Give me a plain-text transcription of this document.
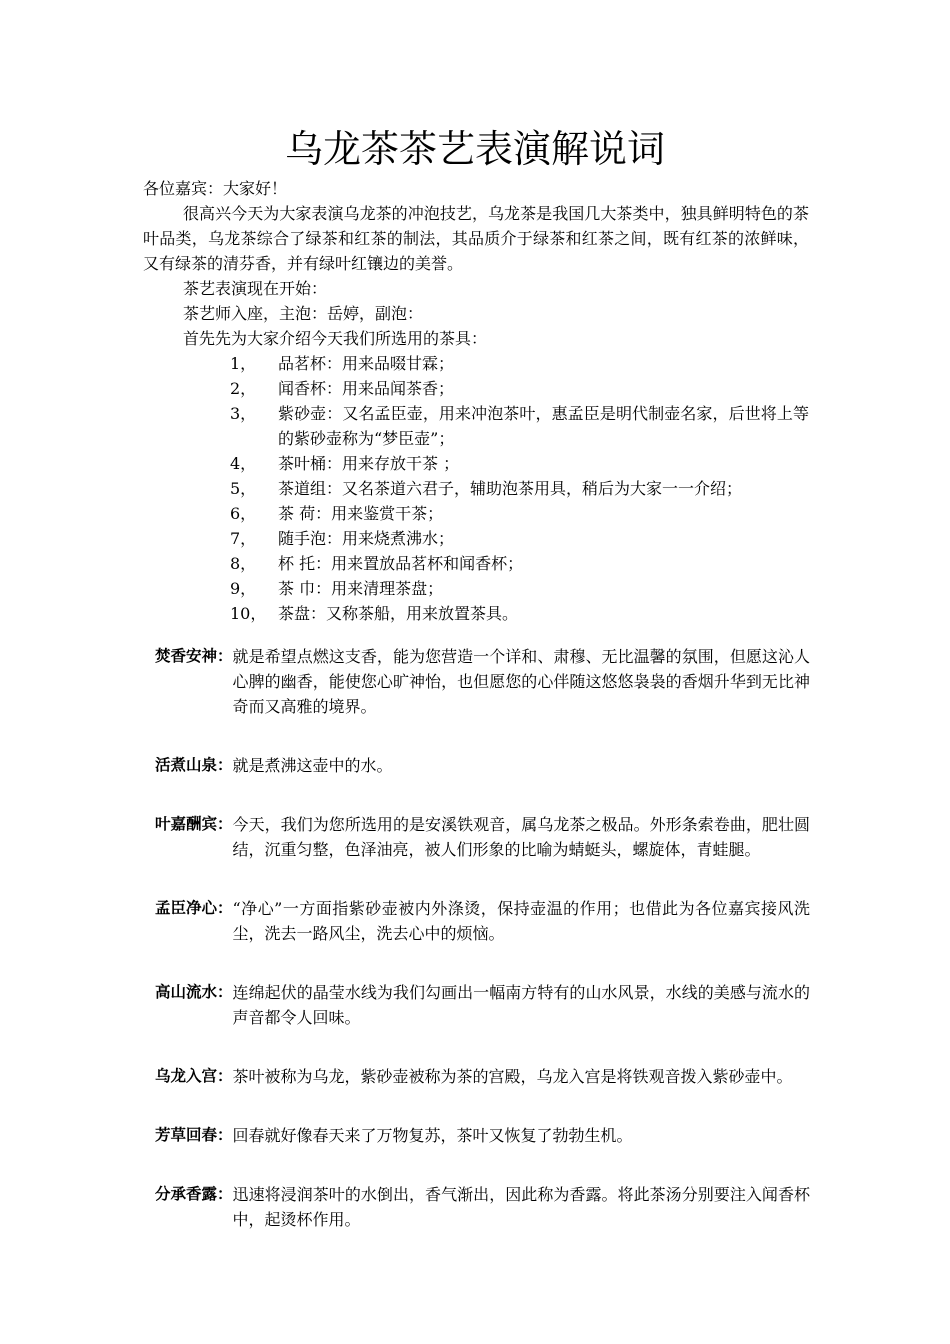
乌龙茶茶艺表演解说词

各位嘉宾：大家好！

很高兴今天为大家表演乌龙茶的冲泡技艺，乌龙茶是我国几大茶类中，独具鲜明特色的茶叶品类，乌龙茶综合了绿茶和红茶的制法，其品质介于绿茶和红茶之间，既有红茶的浓鲜味，又有绿茶的清芬香，并有绿叶红镶边的美誉。

茶艺表演现在开始：

茶艺师入座，主泡：岳婷，副泡：

首先先为大家介绍今天我们所选用的茶具：

1，	品茗杯：用来品啜甘霖；
2，	闻香杯：用来品闻茶香；
3，	紫砂壶：又名孟臣壶，用来冲泡茶叶，惠孟臣是明代制壶名家，后世将上等的紫砂壶称为“梦臣壶”；
4，	茶叶桶：用来存放干茶 ；
5，	茶道组：又名茶道六君子，辅助泡茶用具，稍后为大家一一介绍；
6，	茶 荷：用来鉴赏干茶；
7，	随手泡：用来烧煮沸水；
8，	杯 托：用来置放品茗杯和闻香杯；
9，	茶 巾：用来清理茶盘；
10， 茶盘：又称茶船，用来放置茶具。
焚香安神： 就是希望点燃这支香，能为您营造一个详和、肃穆、无比温馨的氛围，但愿这沁人心脾的幽香，能使您心旷神怡，也但愿您的心伴随这悠悠袅袅的香烟升华到无比神奇而又高雅的境界。
活煮山泉： 就是煮沸这壶中的水。
叶嘉酬宾： 今天，我们为您所选用的是安溪铁观音，属乌龙茶之极品。外形条索卷曲，肥壮圆结，沉重匀整，色泽油亮，被人们形象的比喻为蜻蜓头，螺旋体，青蛙腿。
孟臣净心： “净心”一方面指紫砂壶被内外涤烫，保持壶温的作用；也借此为各位嘉宾接风洗尘，洗去一路风尘，洗去心中的烦恼。
高山流水： 连绵起伏的晶莹水线为我们勾画出一幅南方特有的山水风景，水线的美感与流水的声音都令人回味。
乌龙入宫： 茶叶被称为乌龙，紫砂壶被称为茶的宫殿，乌龙入宫是将铁观音拨入紫砂壶中。
芳草回春： 回春就好像春天来了万物复苏，茶叶又恢复了勃勃生机。
分承香露： 迅速将浸润茶叶的水倒出，香气渐出，因此称为香露。将此茶汤分别要注入闻香杯中，起烫杯作用。
